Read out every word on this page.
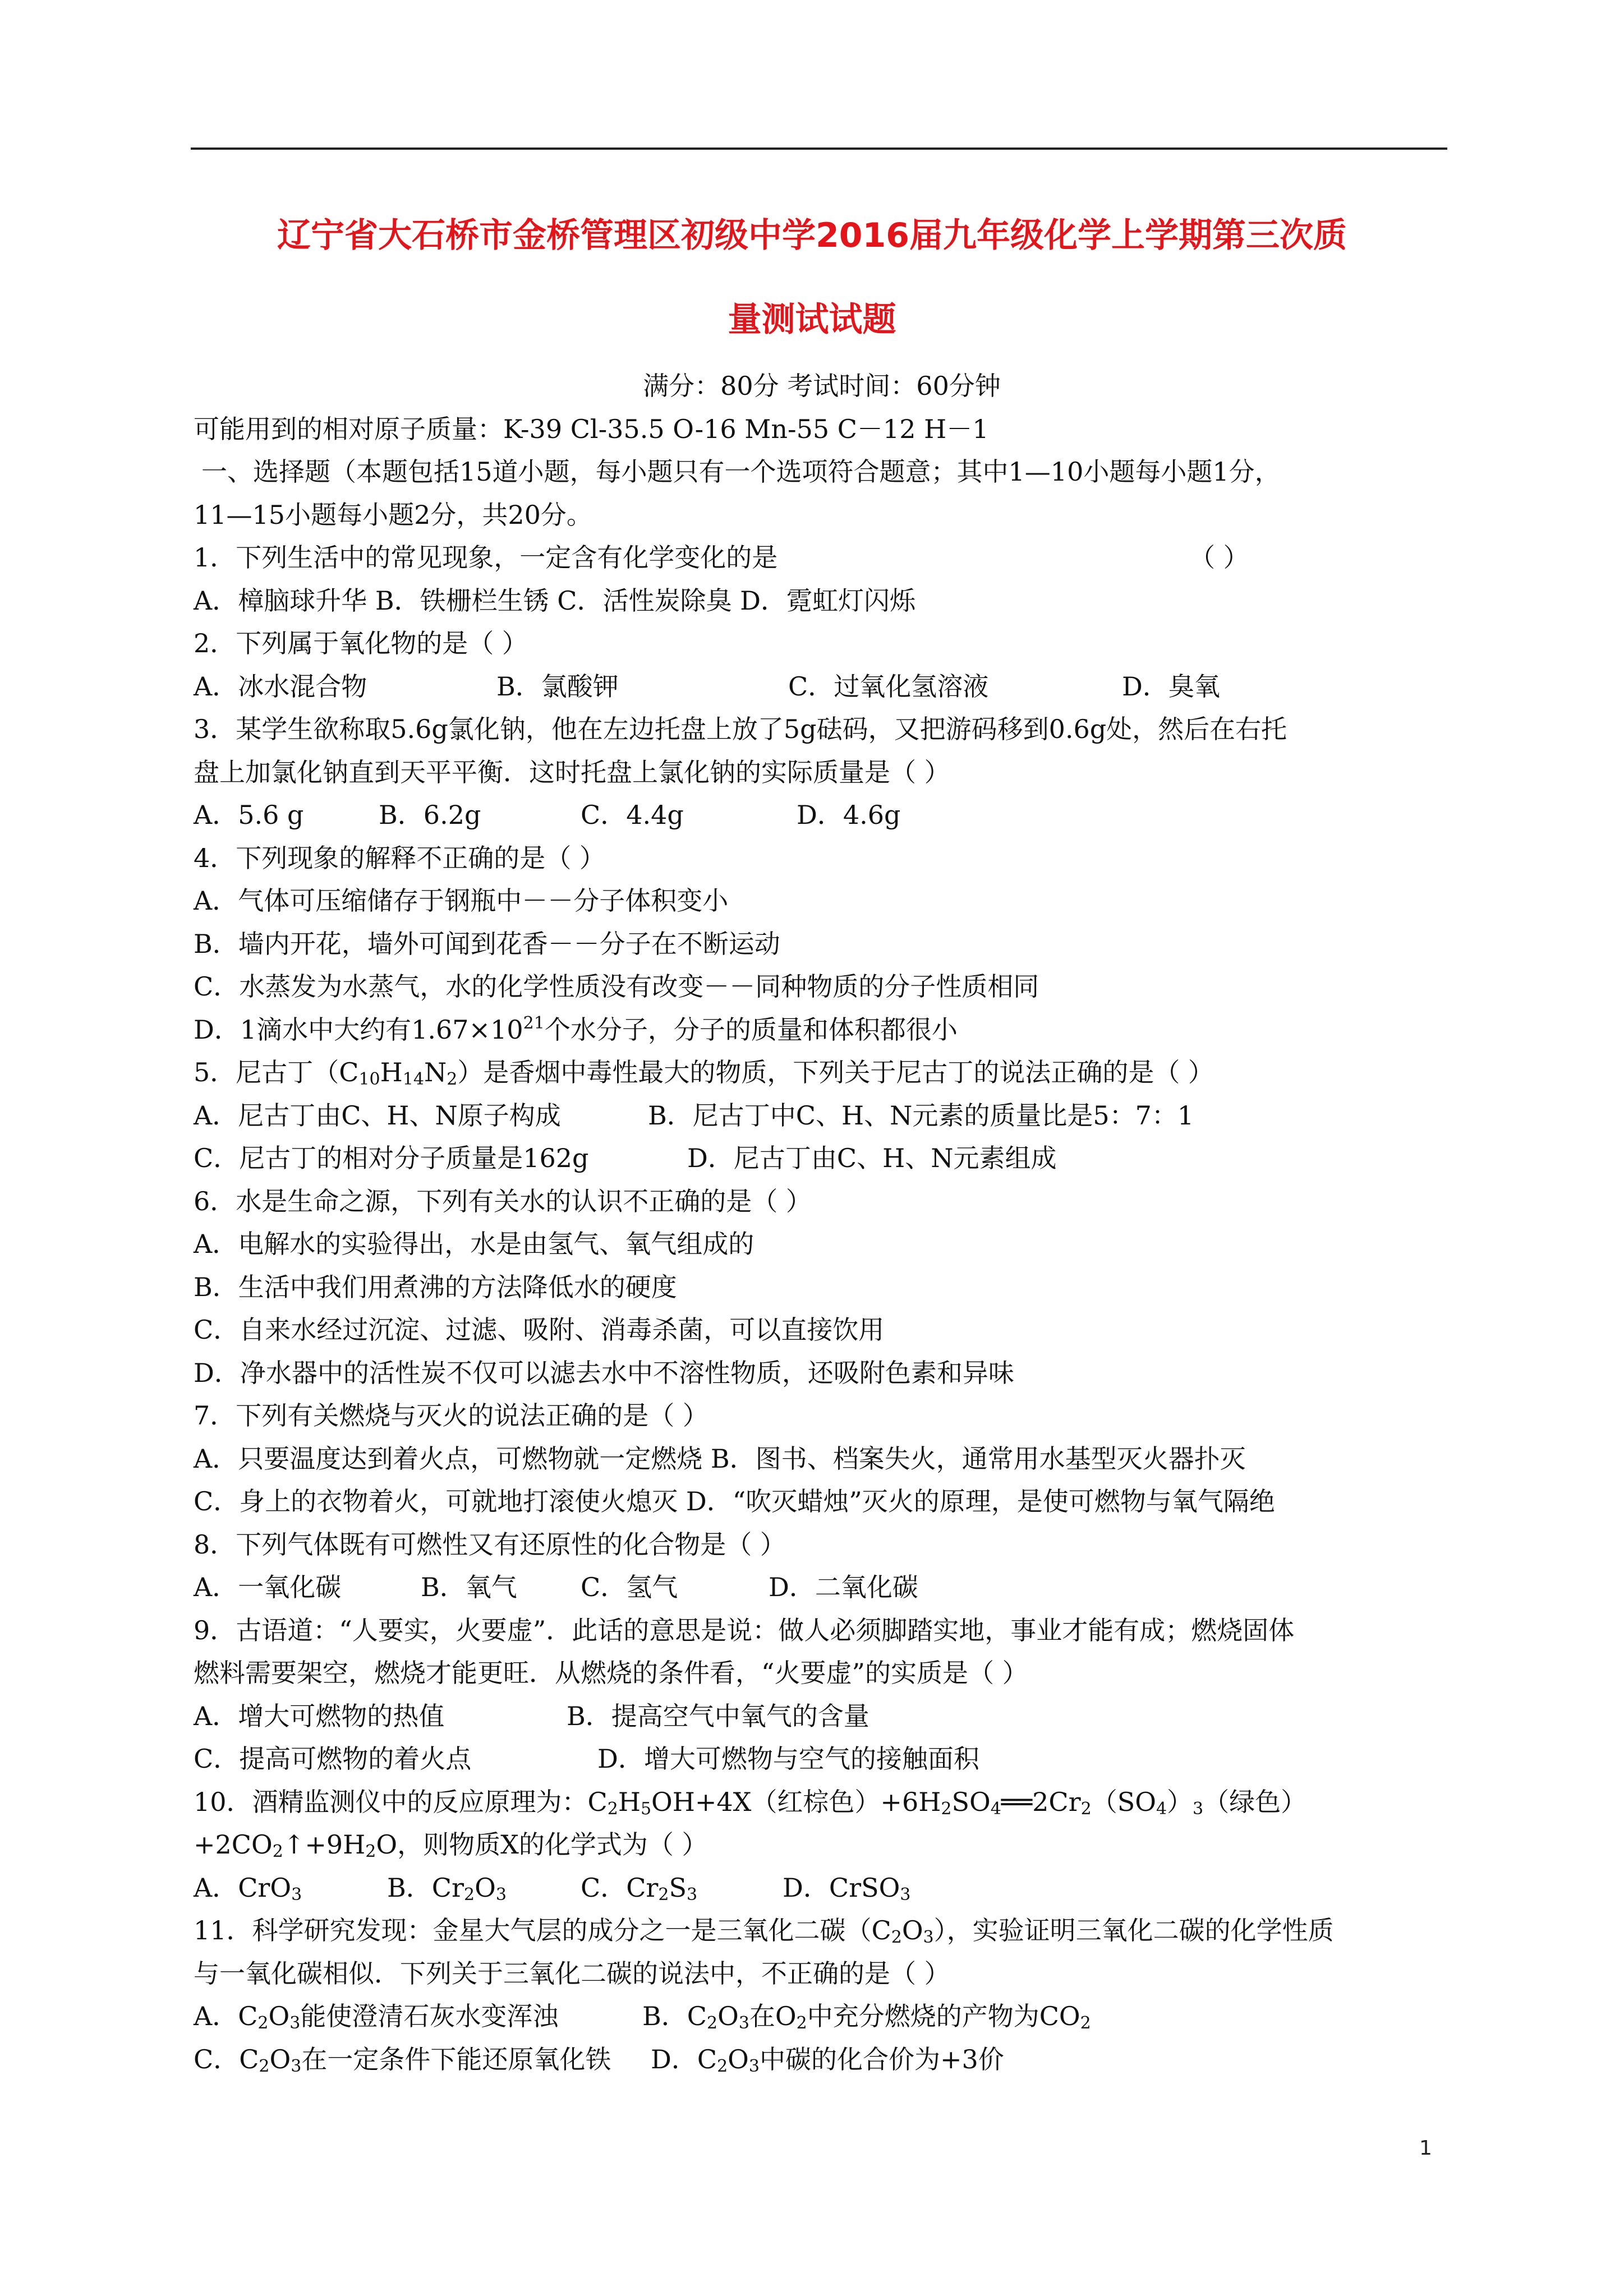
辽宁省大石桥市金桥管理区初级中学2016届九年级化学上学期第三次质
量测试试题
满分：80分 考试时间：60分钟
可能用到的相对原子质量：K-39 Cl-35.5 O-16 Mn-55 C－12 H－1
一、选择题（本题包括15道小题，每小题只有一个选项符合题意；其中1—10小题每小题1分，
11—15小题每小题2分，共20分。
1．下列生活中的常见现象，一定含有化学变化的是	（ ）
A．樟脑球升华 B．铁栅栏生锈 C．活性炭除臭 D．霓虹灯闪烁
2．下列属于氧化物的是（ ）
A．冰水混合物	B．氯酸钾	C．过氧化氢溶液	D．臭氧
3．某学生欲称取5.6g氯化钠，他在左边托盘上放了5g砝码，又把游码移到0.6g处，然后在右托
盘上加氯化钠直到天平平衡．这时托盘上氯化钠的实际质量是（ ）
A．5.6 g	B．6.2g	C．4.4g	D．4.6g
4．下列现象的解释不正确的是（ ）
A．气体可压缩储存于钢瓶中－－分子体积变小
B．墙内开花，墙外可闻到花香－－分子在不断运动
C．水蒸发为水蒸气，水的化学性质没有改变－－同种物质的分子性质相同
D．1滴水中大约有$1.67\times 10^{21}$个水分子，分子的质量和体积都很小
5．尼古丁$(C_{10}H_{14}N_2)$是香烟中毒性最大的物质，下列关于尼古丁的说法正确的是（ ）
A．尼古丁由C、H、N原子构成	B．尼古丁中C、H、N元素的质量比是5：7：1
C．尼古丁的相对分子质量是162g	D．尼古丁由C、H、N元素组成
6．水是生命之源，下列有关水的认识不正确的是（ ）
A．电解水的实验得出，水是由氢气、氧气组成的
B．生活中我们用煮沸的方法降低水的硬度
C．自来水经过沉淀、过滤、吸附、消毒杀菌，可以直接饮用
D．净水器中的活性炭不仅可以滤去水中不溶性物质，还吸附色素和异味
7．下列有关燃烧与灭火的说法正确的是（ ）
A．只要温度达到着火点，可燃物就一定燃烧 B．图书、档案失火，通常用水基型灭火器扑灭
C．身上的衣物着火，可就地打滚使火熄灭 D．“吹灭蜡烛”灭火的原理，是使可燃物与氧气隔绝
8．下列气体既有可燃性又有还原性的化合物是（ ）
A．一氧化碳	B．氧气 C．氢气	D．二氧化碳
9．古语道：“人要实，火要虚”．此话的意思是说：做人必须脚踏实地，事业才能有成；燃烧固体
燃料需要架空，燃烧才能更旺．从燃烧的条件看，“火要虚”的实质是（ ）
A．增大可燃物的热值	B．提高空气中氧气的含量
C．提高可燃物的着火点	D．增大可燃物与空气的接触面积
10．酒精监测仪中的反应原理为：$C_2H_5OH+4X$（红棕色）$+6H_2SO_4══2Cr_2(SO_4)_3$（绿色）
$+2CO_2↑+9H_2O$，则物质X的化学式为（ ）
A．CrO$_3$	B．$Cr_2O_3$	C．$Cr_2S_3$	D．CrSO$_3$
11．科学研究发现：金星大气层的成分之一是三氧化二碳$(C_2O_3)$，实验证明三氧化二碳的化学性质
与一氧化碳相似．下列关于三氧化二碳的说法中，不正确的是（ ）
A．$C_2O_3$能使澄清石灰水变浑浊	B．$C_2O_3$在$O_2$中充分燃烧的产物为$CO_2$
C．$C_2O_3$在一定条件下能还原氧化铁 D．$C_2O_3$中碳的化合价为+3价
1
